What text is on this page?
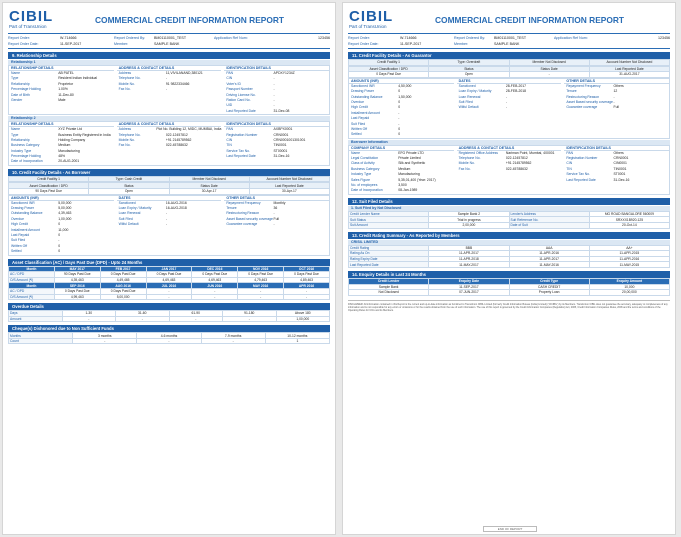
CIBIL
Part of TransUnion
COMMERCIAL CREDIT INFORMATION REPORT
Report Order:	W-714666	Report Ordered By:	BM01110001_TEST	Application Ref Num:	123456
Report Order Date:	11-SEP-2017	Member:	SAMPLE BANK
9. Relationship Details
Relationship 1
RELATIONSHIP DETAILS
Name	AB PATEL
Type	Resident Indian Individual
Relationship	Proprietor
Percentage Holding	1.00%
Date of Birth	11-Dec-80
Gender	Male
ADDRESS & CONTACT DETAILS
Address	11,VIVILANAND,380121
Telephone No.	-
Mobile No.	91 9822334466
Fax No.	-
IDENTIFICATION DETAILS
PAN	APDXY1234Z
CIN	-
Voter's ID	-
Passport Number	-
Driving License No.	-
Ration Card No.	-
UID	-
Last Reported Date	31-Dec-08
Relationship 2
RELATIONSHIP DETAILS
Name	XYZ Private Ltd
Type	Business Entity Registered in India
Relationship	Holding Company
Business Category	Medium
Industry Type	Manufacturing
Percentage Holding	48%
Date of Incorporation	20-AUG-2001
ADDRESS & CONTACT DETAILS
Address	Plot No. Building 12, MIDC, MUMBAI, India
Telephone No.	022-12457812
Mobile No.	+91 2145789562
Fax No.	022-45788632
IDENTIFICATION DETAILS
PAN	AXBPX0001
Registration Number	CRN0001
CIN	CRN0001001301001
TIN	TIN0001
Service Tax No.	ST00001
Last Reported Date	31-Dec-16
10. Credit Facility Details - As Borrower
Credit Facility 1	Type: Cash Credit	Member Not Disclosed	Account Number Not Disclosed
Asset Classification / DPD	Status	Status Date	Last Reported Date
90 Days Past Due	Open	30-Apr-17	30-Apr-17
AMOUNTS (INR)
Sanctioned INR	5,00,000
Drawing Power	5,00,000
Outstanding Balance	4,39,463
Overdue	1,00,000
High Credit	0
Installment Amount	11,000
Last Repaid	0
Suit Filed	-
Written Off	0
Settled	0
DATES
Sanctioned	16-AUG-2016
Loan Expiry / Maturity	16-AUG-2018
Loan Renewal	-
Suit Filed	-
Wilful Default	-
OTHER DETAILS
Repayment Frequency	Monthly
Tenure	36
Restructuring Reason	-
Asset Based security coverage Full
Guarantee coverage	-
Asset Classification (AC) / Days Past Due (DPD) - Upto 24 Months
Month	MAY 2017	FEB 2017	JAN 2017	DEC 2016	NOV 2016	OCT 2016
AC / DPD	90 Days Past Due	0 Days Past Due	0 Days Past Due	0 Days Past Due	0 Days Past Due	0 Days Past Due
O/S Amount (₹)	4,39,463	4,49,465	4,69,463	4,69,463	4,79,463	4,89,463
Month	SEP 2016	AUG 2016	JUL 2016	JUN 2016	MAY 2016	APR 2016
AC / DPD	0 Days Past Due	0 Days Past Due	-	-	-	-
O/S Amount (₹)	4,99,463	5,00,000	-	-	-	-
Overdue Details
Days	1-30	31-60	61-90	91-180	Above 180
Amount	-	-	-	-	1,00,000
Cheque(s) Dishonored due to Non Sufficient Funds
Months	3 months	4-6 months	7-9 months	10-12 months
Count	-	-	-	1
CIBIL
Part of TransUnion
COMMERCIAL CREDIT INFORMATION REPORT
Report Order:	W-714666	Report Ordered By:	BM01110001_TEST	Application Ref Num:	123456
Report Order Date:	11-SEP-2017	Member:	SAMPLE BANK
11. Credit Facility Details - As Guarantor
Credit Facility 1	Type: Overdraft	Member Not Disclosed	Account Number Not Disclosed
Asset Classification / DPD	Status	Status Date	Last Reported Date
0 Days Past Due	Open	-	31-AUG-2017
AMOUNTS (INR)
Sanctioned INR	4,50,000
Drawing Power	0
Outstanding Balance	1,50,000
Overdue	0
High Credit	0
Installment Amount	-
Last Repaid	-
Suit Filed	-
Written Off	0
Settled	0
DATES
Sanctioned	28-FEB-2017
Loan Expiry / Maturity	28-FEB-2018
Loan Renewal	-
Suit Filed	-
Wilful Default	-
OTHER DETAILS
Repayment Frequency	Others
Tenure	12
Restructuring Reason	-
Asset Based security coverage -
Guarantee coverage	Full
Borrower Information
COMPANY DETAILS
Name	EFG Private LTD
Legal Constitution	Private Limited
Class of Activity	Silk and Synthetic
Business Category	Medium
Industry Type	Manufacturing
Sales Figure	5,35,01,400 (Year: 2017)
No. of employees	3,500
Date of Incorporation	08-Jan-1989
ADDRESS & CONTACT DETAILS
Registered Office Address	Nariman Point, Mumbai, 400001
Telephone No.	022-12457812
Mobile No.	+91 2145789562
Fax No.	022-45788632
IDENTIFICATION DETAILS
PAN	Others
Registration Number	CRN0001
CIN	CIN0001
TIN	TIN0001
Service Tax No.	ST0001
Last Reported Date	31-Dec-16
12. Suit Filed Details
1. Suit Filed by Not Disclosed
Credit Lender Name	Sample Bank 2	Lender's Address	MG ROAD BANGALORE 560009
Suit Status	Trial in progress	Suit Reference No.	SRXXX1B920-125
Suit Amount	2,00,000	Date of Suit	20-Oct-14
13. Credit Rating Summary - As Reported by Members
CRISIL LIMITED
Credit Rating	BBB	AAA	AA+
Rating As On	11-APR-2017	11-APR-2016	11-APR-2015
Rating Expiry Date	11-APR-2018	11-APR-2017	11-APR-2016
Last Reported Date	11-MAY-2017	11-MAY-2016	11-MAY-2015
14. Enquiry Details in Last 24 Months
Credit Lender	Enquiry Date	Credit Type	Enquiry Amount
Sample Bank	11-SEP-2017	CASH CREDIT	10,000
Not Disclosed	07-JUN-2017	Property Loan	20,00,000
DISCLAIMER: All information contained in this Report is the current and up-to-date information as furnished to TransUnion CIBIL Limited (formerly Credit Information Bureau (India) Limited) ('CICIBIL') by its Members. TransUnion CIBIL does not guarantee the accuracy, adequacy or completeness of any information and is not responsible for any errors or omissions or for the results obtained from the use of such information. The use of this report is governed by the Credit Information Companies (Regulation) Act, 2005, Credit Information Companies Rules, 2006 and the terms and conditions of the Operating Rules for CICs and its Members.
END OF REPORT
